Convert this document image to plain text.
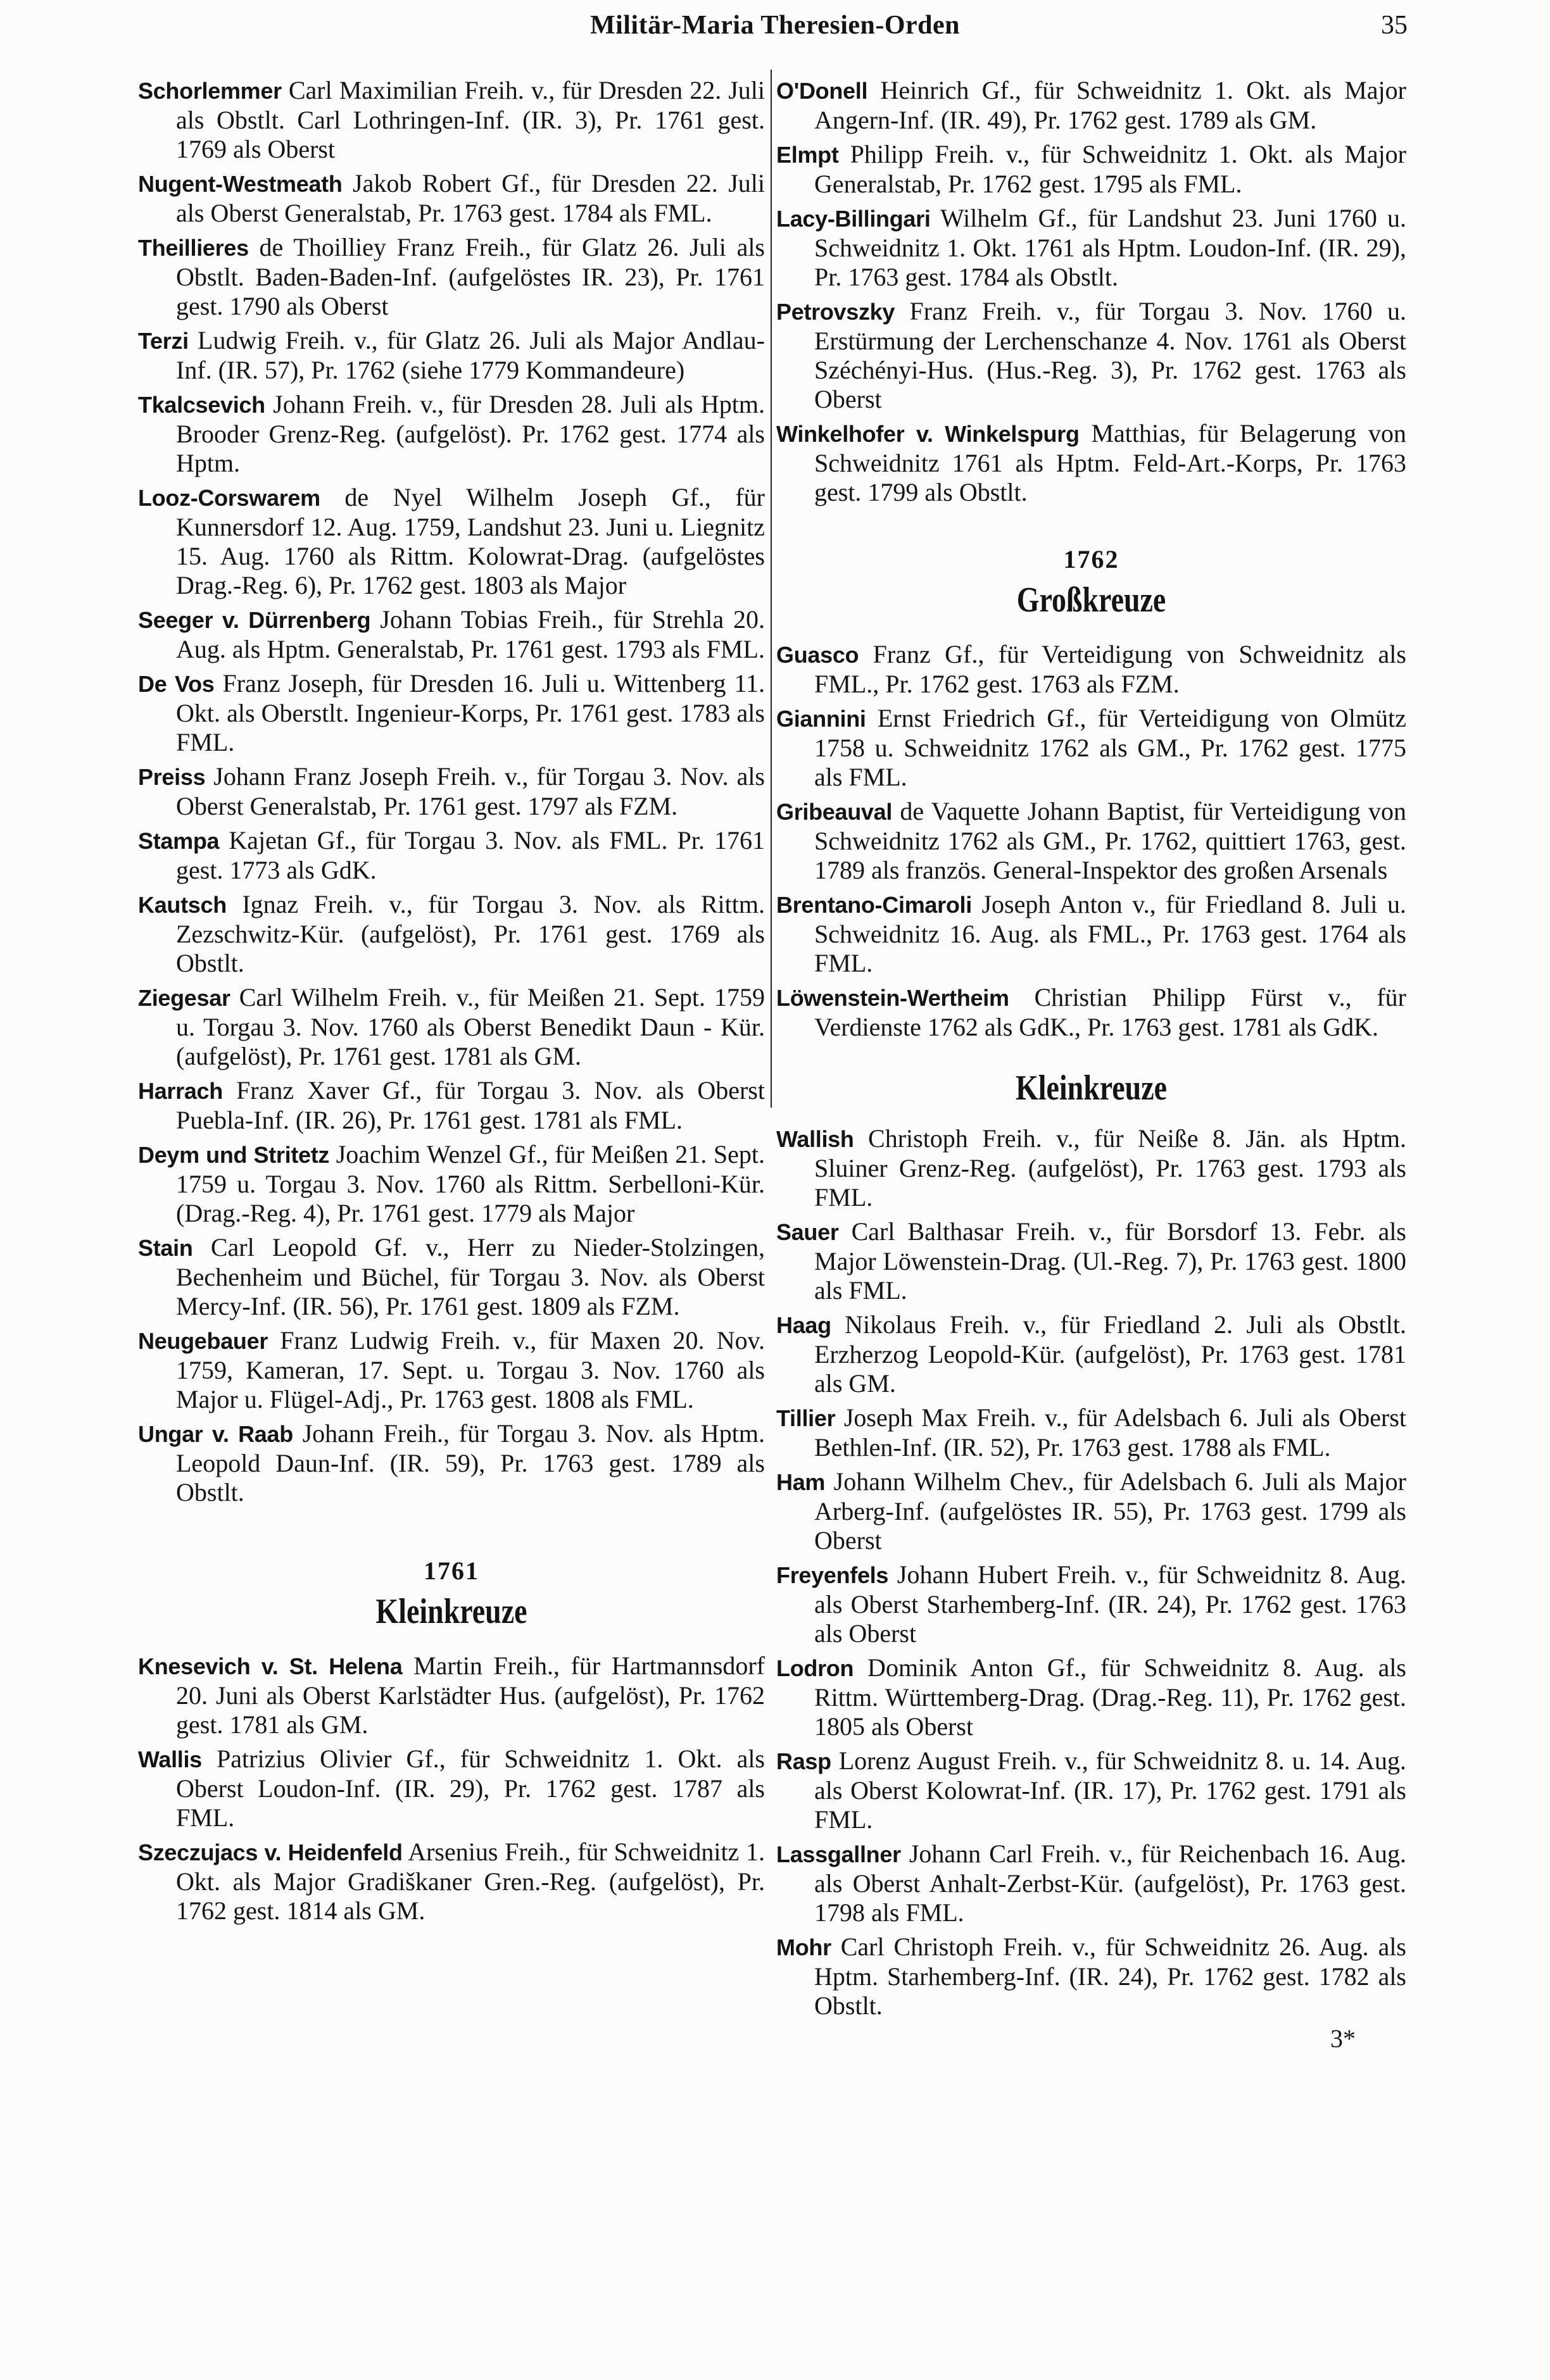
Militär-Maria Theresien-Orden	35

Schorlemmer Carl Maximilian Freih. v., für Dresden 22. Juli als Obstlt. Carl Lothringen-Inf. (IR. 3), Pr. 1761 gest. 1769 als Oberst

Nugent-Westmeath Jakob Robert Gf., für Dresden 22. Juli als Oberst Generalstab, Pr. 1763 gest. 1784 als FML.

Theillieres de Thoilliey Franz Freih., für Glatz 26. Juli als Obstlt. Baden-Baden-Inf. (aufgelöstes IR. 23), Pr. 1761 gest. 1790 als Oberst

Terzi Ludwig Freih. v., für Glatz 26. Juli als Major Andlau-Inf. (IR. 57), Pr. 1762 (siehe 1779 Kommandeure)

Tkalcsevich Johann Freih. v., für Dresden 28. Juli als Hptm. Brooder Grenz-Reg. (aufgelöst). Pr. 1762 gest. 1774 als Hptm.

Looz-Corswarem de Nyel Wilhelm Joseph Gf., für Kunnersdorf 12. Aug. 1759, Landshut 23. Juni u. Liegnitz 15. Aug. 1760 als Rittm. Kolowrat-Drag. (aufgelöstes Drag.-Reg. 6), Pr. 1762 gest. 1803 als Major

Seeger v. Dürrenberg Johann Tobias Freih., für Strehla 20. Aug. als Hptm. Generalstab, Pr. 1761 gest. 1793 als FML.

De Vos Franz Joseph, für Dresden 16. Juli u. Wittenberg 11. Okt. als Oberstlt. Ingenieur-Korps, Pr. 1761 gest. 1783 als FML.

Preiss Johann Franz Joseph Freih. v., für Torgau 3. Nov. als Oberst Generalstab, Pr. 1761 gest. 1797 als FZM.

Stampa Kajetan Gf., für Torgau 3. Nov. als FML. Pr. 1761 gest. 1773 als GdK.

Kautsch Ignaz Freih. v., für Torgau 3. Nov. als Rittm. Zezschwitz-Kür. (aufgelöst), Pr. 1761 gest. 1769 als Obstlt.

Ziegesar Carl Wilhelm Freih. v., für Meißen 21. Sept. 1759 u. Torgau 3. Nov. 1760 als Oberst Benedikt Daun - Kür. (aufgelöst), Pr. 1761 gest. 1781 als GM.

Harrach Franz Xaver Gf., für Torgau 3. Nov. als Oberst Puebla-Inf. (IR. 26), Pr. 1761 gest. 1781 als FML.

Deym und Stritetz Joachim Wenzel Gf., für Meißen 21. Sept. 1759 u. Torgau 3. Nov. 1760 als Rittm. Serbelloni-Kür. (Drag.-Reg. 4), Pr. 1761 gest. 1779 als Major

Stain Carl Leopold Gf. v., Herr zu Nieder-Stolzingen, Bechenheim und Büchel, für Torgau 3. Nov. als Oberst Mercy-Inf. (IR. 56), Pr. 1761 gest. 1809 als FZM.

Neugebauer Franz Ludwig Freih. v., für Maxen 20. Nov. 1759, Kameran, 17. Sept. u. Torgau 3. Nov. 1760 als Major u. Flügel-Adj., Pr. 1763 gest. 1808 als FML.

Ungar v. Raab Johann Freih., für Torgau 3. Nov. als Hptm. Leopold Daun-Inf. (IR. 59), Pr. 1763 gest. 1789 als Obstlt.

1761
Kleinkreuze

Knesevich v. St. Helena Martin Freih., für Hartmannsdorf 20. Juni als Oberst Karlstädter Hus. (aufgelöst), Pr. 1762 gest. 1781 als GM.

Wallis Patrizius Olivier Gf., für Schweidnitz 1. Okt. als Oberst Loudon-Inf. (IR. 29), Pr. 1762 gest. 1787 als FML.

Szeczujacs v. Heidenfeld Arsenius Freih., für Schweidnitz 1. Okt. als Major Gradiškaner Gren.-Reg. (aufgelöst), Pr. 1762 gest. 1814 als GM.

O'Donell Heinrich Gf., für Schweidnitz 1. Okt. als Major Angern-Inf. (IR. 49), Pr. 1762 gest. 1789 als GM.

Elmpt Philipp Freih. v., für Schweidnitz 1. Okt. als Major Generalstab, Pr. 1762 gest. 1795 als FML.

Lacy-Billingari Wilhelm Gf., für Landshut 23. Juni 1760 u. Schweidnitz 1. Okt. 1761 als Hptm. Loudon-Inf. (IR. 29), Pr. 1763 gest. 1784 als Obstlt.

Petrovszky Franz Freih. v., für Torgau 3. Nov. 1760 u. Erstürmung der Lerchenschanze 4. Nov. 1761 als Oberst Széchényi-Hus. (Hus.-Reg. 3), Pr. 1762 gest. 1763 als Oberst

Winkelhofer v. Winkelspurg Matthias, für Belagerung von Schweidnitz 1761 als Hptm. Feld-Art.-Korps, Pr. 1763 gest. 1799 als Obstlt.

1762
Großkreuze

Guasco Franz Gf., für Verteidigung von Schweidnitz als FML., Pr. 1762 gest. 1763 als FZM.

Giannini Ernst Friedrich Gf., für Verteidigung von Olmütz 1758 u. Schweidnitz 1762 als GM., Pr. 1762 gest. 1775 als FML.

Gribeauval de Vaquette Johann Baptist, für Verteidigung von Schweidnitz 1762 als GM., Pr. 1762, quittiert 1763, gest. 1789 als französ. General-Inspektor des großen Arsenals

Brentano-Cimaroli Joseph Anton v., für Friedland 8. Juli u. Schweidnitz 16. Aug. als FML., Pr. 1763 gest. 1764 als FML.

Löwenstein-Wertheim Christian Philipp Fürst v., für Verdienste 1762 als GdK., Pr. 1763 gest. 1781 als GdK.

Kleinkreuze

Wallish Christoph Freih. v., für Neiße 8. Jän. als Hptm. Sluiner Grenz-Reg. (aufgelöst), Pr. 1763 gest. 1793 als FML.

Sauer Carl Balthasar Freih. v., für Borsdorf 13. Febr. als Major Löwenstein-Drag. (Ul.-Reg. 7), Pr. 1763 gest. 1800 als FML.

Haag Nikolaus Freih. v., für Friedland 2. Juli als Obstlt. Erzherzog Leopold-Kür. (aufgelöst), Pr. 1763 gest. 1781 als GM.

Tillier Joseph Max Freih. v., für Adelsbach 6. Juli als Oberst Bethlen-Inf. (IR. 52), Pr. 1763 gest. 1788 als FML.

Ham Johann Wilhelm Chev., für Adelsbach 6. Juli als Major Arberg-Inf. (aufgelöstes IR. 55), Pr. 1763 gest. 1799 als Oberst

Freyenfels Johann Hubert Freih. v., für Schweidnitz 8. Aug. als Oberst Starhemberg-Inf. (IR. 24), Pr. 1762 gest. 1763 als Oberst

Lodron Dominik Anton Gf., für Schweidnitz 8. Aug. als Rittm. Württemberg-Drag. (Drag.-Reg. 11), Pr. 1762 gest. 1805 als Oberst

Rasp Lorenz August Freih. v., für Schweidnitz 8. u. 14. Aug. als Oberst Kolowrat-Inf. (IR. 17), Pr. 1762 gest. 1791 als FML.

Lassgallner Johann Carl Freih. v., für Reichenbach 16. Aug. als Oberst Anhalt-Zerbst-Kür. (aufgelöst), Pr. 1763 gest. 1798 als FML.

Mohr Carl Christoph Freih. v., für Schweidnitz 26. Aug. als Hptm. Starhemberg-Inf. (IR. 24), Pr. 1762 gest. 1782 als Obstlt.

3*
